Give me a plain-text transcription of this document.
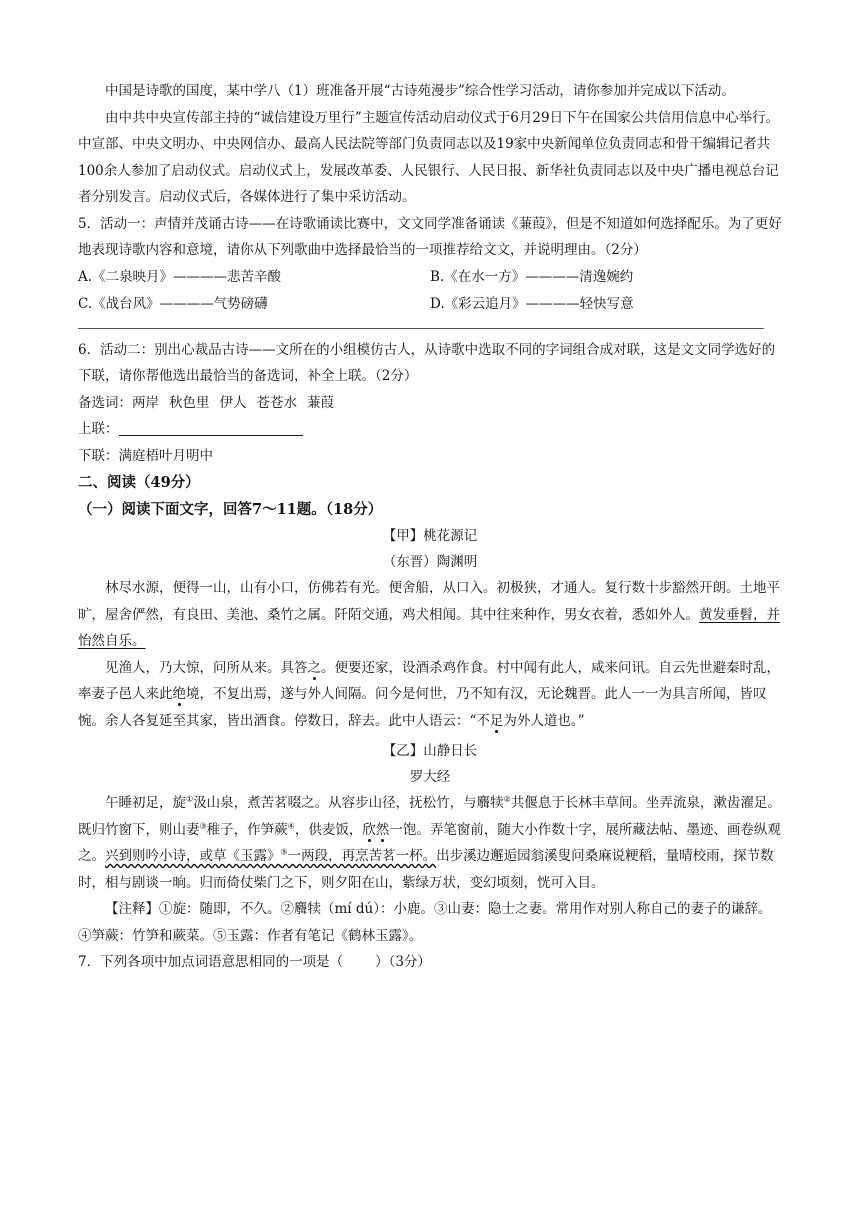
中国是诗歌的国度，某中学八（1）班准备开展“古诗苑漫步”综合性学习活动，请你参加并完成以下活动。

由中共中央宣传部主持的“诚信建设万里行”主题宣传活动启动仪式于6月29日下午在国家公共信用信息中心举行。中宣部、中央文明办、中央网信办、最高人民法院等部门负责同志以及19家中央新闻单位负责同志和骨干编辑记者共100余人参加了启动仪式。启动仪式上，发展改革委、人民银行、人民日报、新华社负责同志以及中央广播电视总台记者分别发言。启动仪式后，各媒体进行了集中采访活动。

5．活动一：声情并茂诵古诗——在诗歌诵读比赛中，文文同学准备诵读《蒹葭》，但是不知道如何选择配乐。为了更好地表现诗歌内容和意境，请你从下列歌曲中选择最恰当的一项推荐给文文，并说明理由。（2分）

A.《二泉映月》————悲苦辛酸	B.《在水一方》————清逸婉约
C.《战台风》————气势磅礴	D.《彩云追月》————轻快写意

6．活动二：别出心裁品古诗——文所在的小组模仿古人，从诗歌中选取不同的字词组合成对联，这是文文同学选好的下联，请你帮他选出最恰当的备选词，补全上联。（2分）

备选词：两岸 秋色里 伊人 苍苍水 蒹葭

上联：

下联：满庭梧叶月明中

二、阅读（49分）

（一）阅读下面文字，回答7～11题。（18分）

【甲】桃花源记

（东晋）陶渊明

林尽水源，便得一山，山有小口，仿佛若有光。便舍船，从口入。初极狭，才通人。复行数十步豁然开朗。土地平旷，屋舍俨然，有良田、美池、桑竹之属。阡陌交通，鸡犬相闻。其中往来种作，男女衣着，悉如外人。黄发垂髫，并怡然自乐。

见渔人，乃大惊，问所从来。具答之。便要还家，设酒杀鸡作食。村中闻有此人，咸来问讯。自云先世避秦时乱，率妻子邑人来此绝境，不复出焉，遂与外人间隔。问今是何世，乃不知有汉，无论魏晋。此人一一为具言所闻，皆叹惋。余人各复延至其家，皆出酒食。停数日，辞去。此中人语云：“不足为外人道也。”

【乙】山静日长

罗大经

午睡初足，旋①汲山泉，煮苦茗啜之。从容步山径，抚松竹，与麛犊②共偃息于长林丰草间。坐弄流泉，漱齿濯足。既归竹窗下，则山妻③稚子，作笋蕨④，供麦饭，欣然一饱。弄笔窗前，随大小作数十字，展所藏法帖、墨迹、画卷纵观之。兴到则吟小诗，或草《玉露》⑤一两段，再烹苦茗一杯。出步溪边邂逅园翁溪叟问桑麻说粳稻，量晴校雨，探节数时，相与剧谈一晌。归而倚仗柴门之下，则夕阳在山，紫绿万状，变幻顷刻，恍可入目。

【注释】①旋：随即，不久。②麛犊（mí dú）：小鹿。③山妻：隐士之妻。常用作对别人称自己的妻子的谦辞。④笋蕨：竹笋和蕨菜。⑤玉露：作者有笔记《鹤林玉露》。

7．下列各项中加点词语意思相同的一项是（ ）（3分）
